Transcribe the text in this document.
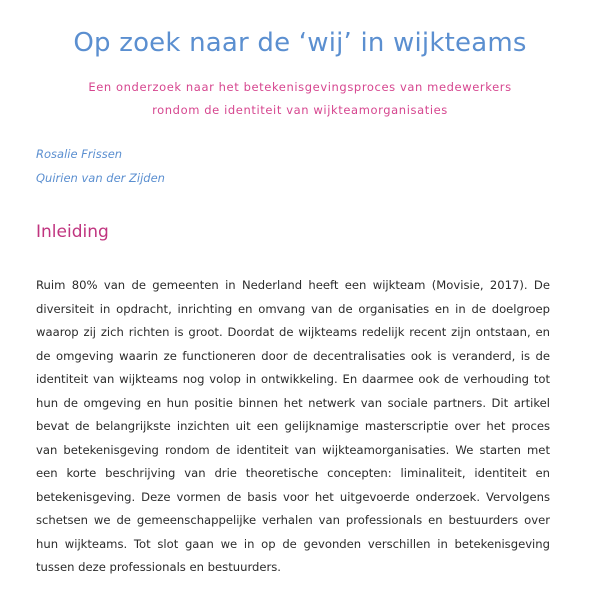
Op zoek naar de ‘wij’ in wijkteams
Een onderzoek naar het betekenisgevingsproces van medewerkers
rondom de identiteit van wijkteamorganisaties
Rosalie Frissen
Quirien van der Zijden
Inleiding

Ruim 80% van de gemeenten in Nederland heeft een wijkteam (Movisie, 2017). De diversiteit in opdracht, inrichting en omvang van de organisaties en in de doelgroep waarop zij zich richten is groot. Doordat de wijkteams redelijk recent zijn ontstaan, en de omgeving waarin ze functioneren door de decentralisaties ook is veranderd, is de identiteit van wijkteams nog volop in ontwikkeling. En daarmee ook de verhouding tot hun de omgeving en hun positie binnen het netwerk van sociale partners. Dit artikel bevat de belangrijkste inzichten uit een gelijknamige masterscriptie over het proces van betekenisgeving rondom de identiteit van wijkteamorganisaties. We starten met een korte beschrijving van drie theoretische concepten: liminaliteit, identiteit en betekenisgeving. Deze vormen de basis voor het uitgevoerde onderzoek. Vervolgens schetsen we de gemeenschappelijke verhalen van professionals en bestuurders over hun wijkteams. Tot slot gaan we in op de gevonden verschillen in betekenisgeving tussen deze professionals en bestuurders.
